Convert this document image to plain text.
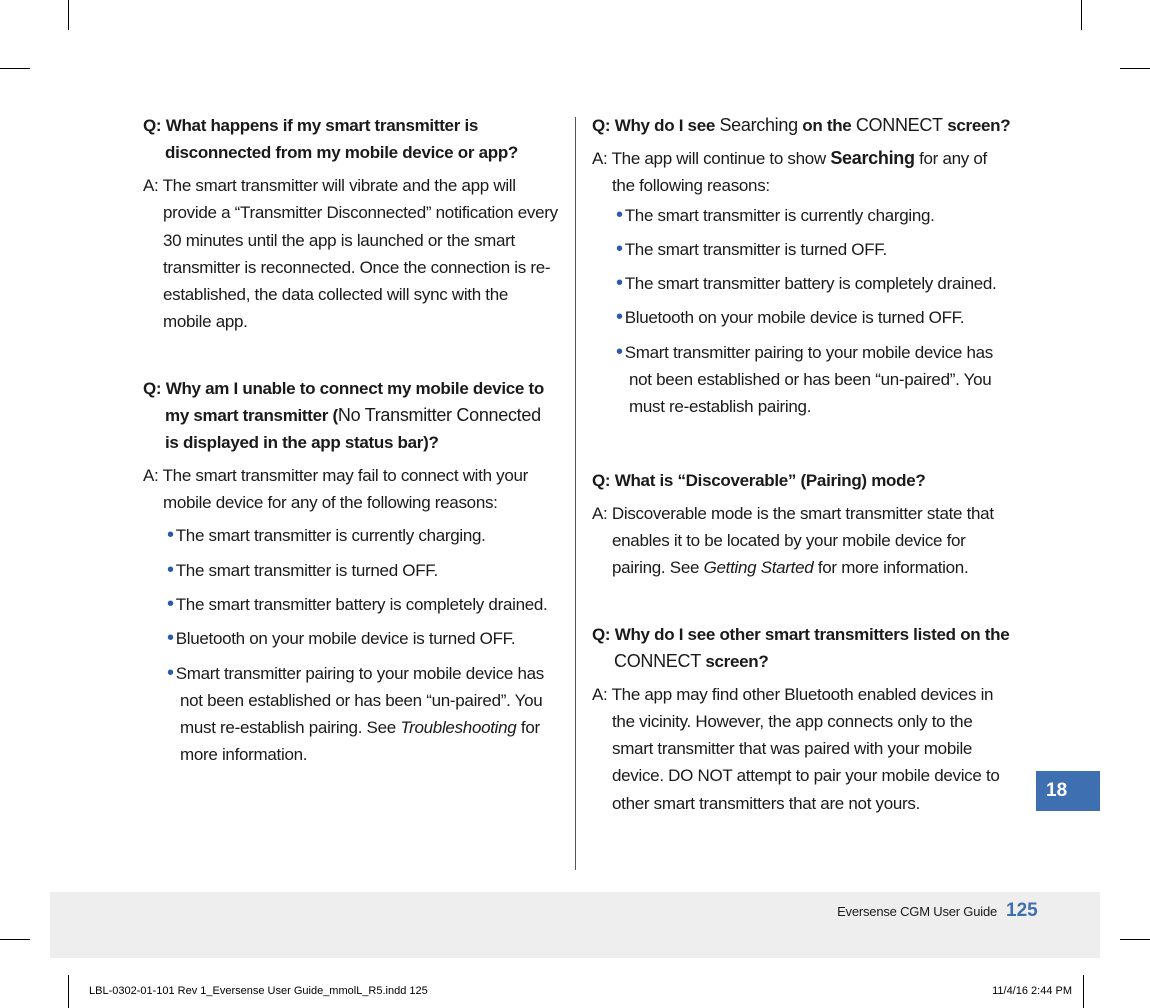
Q: What happens if my smart transmitter is disconnected from my mobile device or app?
A: The smart transmitter will vibrate and the app will provide a “Transmitter Disconnected” notification every 30 minutes until the app is launched or the smart transmitter is reconnected. Once the connection is re-established, the data collected will sync with the mobile app.
Q: Why am I unable to connect my mobile device to my smart transmitter (No Transmitter Connected is displayed in the app status bar)?
A: The smart transmitter may fail to connect with your mobile device for any of the following reasons:
• The smart transmitter is currently charging.
• The smart transmitter is turned OFF.
• The smart transmitter battery is completely drained.
• Bluetooth on your mobile device is turned OFF.
• Smart transmitter pairing to your mobile device has not been established or has been “un-paired”. You must re-establish pairing. See Troubleshooting for more information.
Q: Why do I see Searching on the CONNECT screen?
A: The app will continue to show Searching for any of the following reasons:
• The smart transmitter is currently charging.
• The smart transmitter is turned OFF.
• The smart transmitter battery is completely drained.
• Bluetooth on your mobile device is turned OFF.
• Smart transmitter pairing to your mobile device has not been established or has been “un-paired”. You must re-establish pairing.
Q: What is “Discoverable” (Pairing) mode?
A: Discoverable mode is the smart transmitter state that enables it to be located by your mobile device for pairing. See Getting Started for more information.
Q: Why do I see other smart transmitters listed on the CONNECT screen?
A: The app may find other Bluetooth enabled devices in the vicinity. However, the app connects only to the smart transmitter that was paired with your mobile device. DO NOT attempt to pair your mobile device to other smart transmitters that are not yours.
18
Eversense CGM User Guide 125
LBL-0302-01-101 Rev 1_Eversense User Guide_mmolL_R5.indd 125	11/4/16 2:44 PM
